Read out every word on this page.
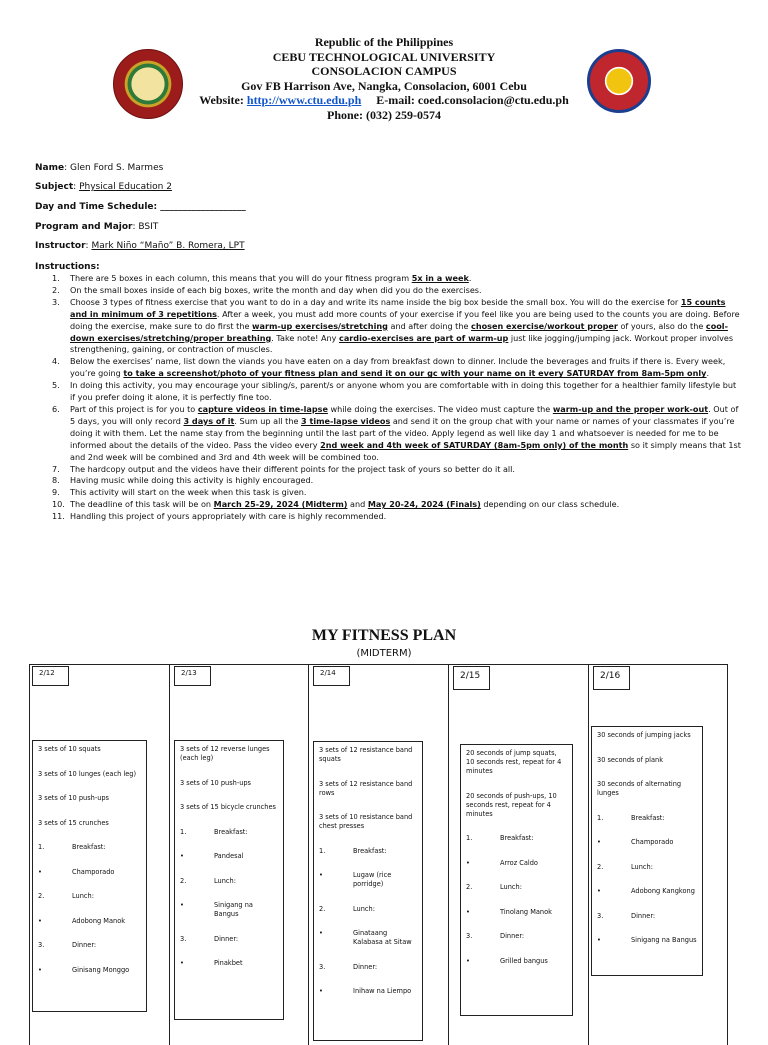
Republic of the Philippines
CEBU TECHNOLOGICAL UNIVERSITY
CONSOLACION CAMPUS
Gov FB Harrison Ave, Nangka, Consolacion, 6001 Cebu
Website: http://www.ctu.edu.ph E-mail: coed.consolacion@ctu.edu.ph
Phone: (032) 259-0574
Name: Glen Ford S. Marmes
Subject: Physical Education 2
Day and Time Schedule: ___________________
Program and Major: BSIT
Instructor: Mark Niño “Maño” B. Romera, LPT
Instructions:
1.	There are 5 boxes in each column, this means that you will do your fitness program 5x in a week.
2.	On the small boxes inside of each big boxes, write the month and day when did you do the exercises.
3.	Choose 3 types of fitness exercise that you want to do in a day and write its name inside the big box beside the small box. You will do the exercise for 15 counts and in minimum of 3 repetitions. After a week, you must add more counts of your exercise if you feel like you are being used to the counts you are doing. Before doing the exercise, make sure to do first the warm-up exercises/stretching and after doing the chosen exercise/workout proper of yours, also do the cool-down exercises/stretching/proper breathing. Take note! Any cardio-exercises are part of warm-up just like jogging/jumping jack. Workout proper involves strengthening, gaining, or contraction of muscles.
4.	Below the exercises’ name, list down the viands you have eaten on a day from breakfast down to dinner. Include the beverages and fruits if there is. Every week, you’re going to take a screenshot/photo of your fitness plan and send it on our gc with your name on it every SATURDAY from 8am-5pm only.
5.	In doing this activity, you may encourage your sibling/s, parent/s or anyone whom you are comfortable with in doing this together for a healthier family lifestyle but if you prefer doing it alone, it is perfectly fine too.
6.	Part of this project is for you to capture videos in time-lapse while doing the exercises. The video must capture the warm-up and the proper work-out. Out of 5 days, you will only record 3 days of it. Sum up all the 3 time-lapse videos and send it on the group chat with your name or names of your classmates if you’re doing it with them. Let the name stay from the beginning until the last part of the video. Apply legend as well like day 1 and whatsoever is needed for me to be informed about the details of the video. Pass the video every 2nd week and 4th week of SATURDAY (8am-5pm only) of the month so it simply means that 1st and 2nd week will be combined and 3rd and 4th week will be combined too.
7.	The hardcopy output and the videos have their different points for the project task of yours so better do it all.
8.	Having music while doing this activity is highly encouraged.
9.	This activity will start on the week when this task is given.
10. The deadline of this task will be on March 25-29, 2024 (Midterm) and May 20-24, 2024 (Finals) depending on our class schedule.
11. Handling this project of yours appropriately with care is highly recommended.
MY FITNESS PLAN
(MIDTERM)
2/12

3 sets of 10 squats

3 sets of 10 lunges (each leg)

3 sets of 10 push-ups

3 sets of 15 crunches

1.	Breakfast:
•	Champorado
2.	Lunch:
•	Adobong Manok
3.	Dinner:
•	Ginisang Monggo
2/13

3 sets of 12 reverse lunges (each leg)

3 sets of 10 push-ups

3 sets of 15 bicycle crunches

1.	Breakfast:
•	Pandesal
2.	Lunch:
•	Sinigang na Bangus
3.	Dinner:
•	Pinakbet
2/14

3 sets of 12 resistance band squats

3 sets of 12 resistance band rows

3 sets of 10 resistance band chest presses

1.	Breakfast:
•	Lugaw (rice porridge)
2.	Lunch:
•	Ginataang Kalabasa at Sitaw
3.	Dinner:
•	Inihaw na Liempo
2/15

20 seconds of jump squats, 10 seconds rest, repeat for 4 minutes

20 seconds of push-ups, 10 seconds rest, repeat for 4 minutes

1.	Breakfast:
•	Arroz Caldo
2.	Lunch:
•	Tinolang Manok
3.	Dinner:
•	Grilled bangus
2/16

30 seconds of jumping jacks

30 seconds of plank

30 seconds of alternating lunges

1.	Breakfast:
•	Champorado
2.	Lunch:
•	Adobong Kangkong
3.	Dinner:
•	Sinigang na Bangus
